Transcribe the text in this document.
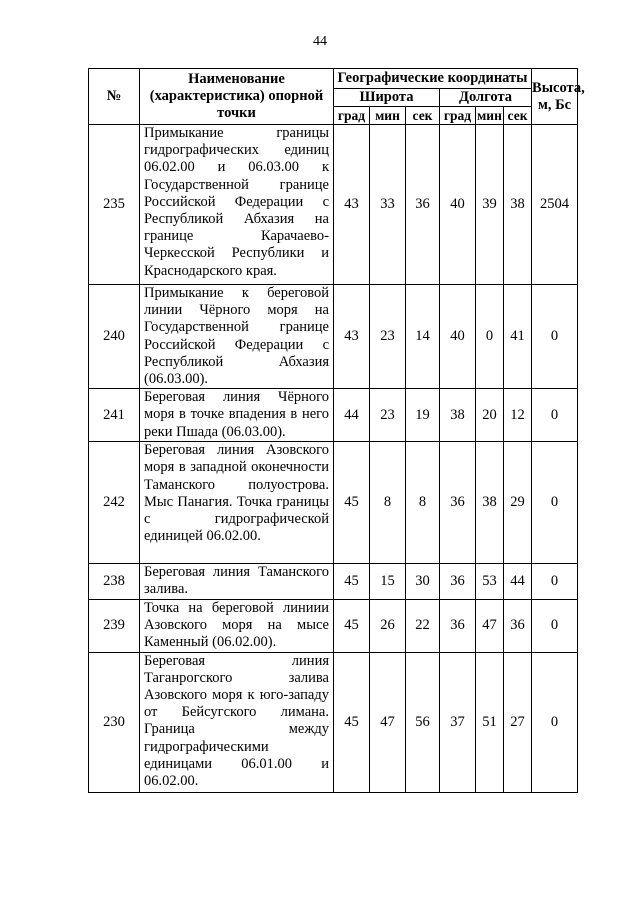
44
№	Наименование (характеристика) опорной точки	Географические координаты						Высота, м, Бс
		Широта			Долгота			
		град	мин	сек	град	мин	сек	
235	Примыкание границы гидрографических единиц 06.02.00 и 06.03.00 к Государственной границе Российской Федерации с Республикой Абхазия на границе Карачаево-Черкесской Республики и Краснодарского края.	43	33	36	40	39	38	2504
240	Примыкание к береговой линии Чёрного моря на Государственной границе Российской Федерации с Республикой Абхазия (06.03.00).	43	23	14	40	0	41	0
241	Береговая линия Чёрного моря в точке впадения в него реки Пшада (06.03.00).	44	23	19	38	20	12	0
242	Береговая линия Азовского моря в западной оконечности Таманского полуострова. Мыс Панагия. Точка границы с гидрографической единицей 06.02.00.	45	8	8	36	38	29	0
238	Береговая линия Таманского залива.	45	15	30	36	53	44	0
239	Точка на береговой линиии Азовского моря на мысе Каменный (06.02.00).	45	26	22	36	47	36	0
230	Береговая линия Таганрогского залива Азовского моря к юго-западу от Бейсугского лимана. Граница между гидрографическими единицами 06.01.00 и 06.02.00.	45	47	56	37	51	27	0
